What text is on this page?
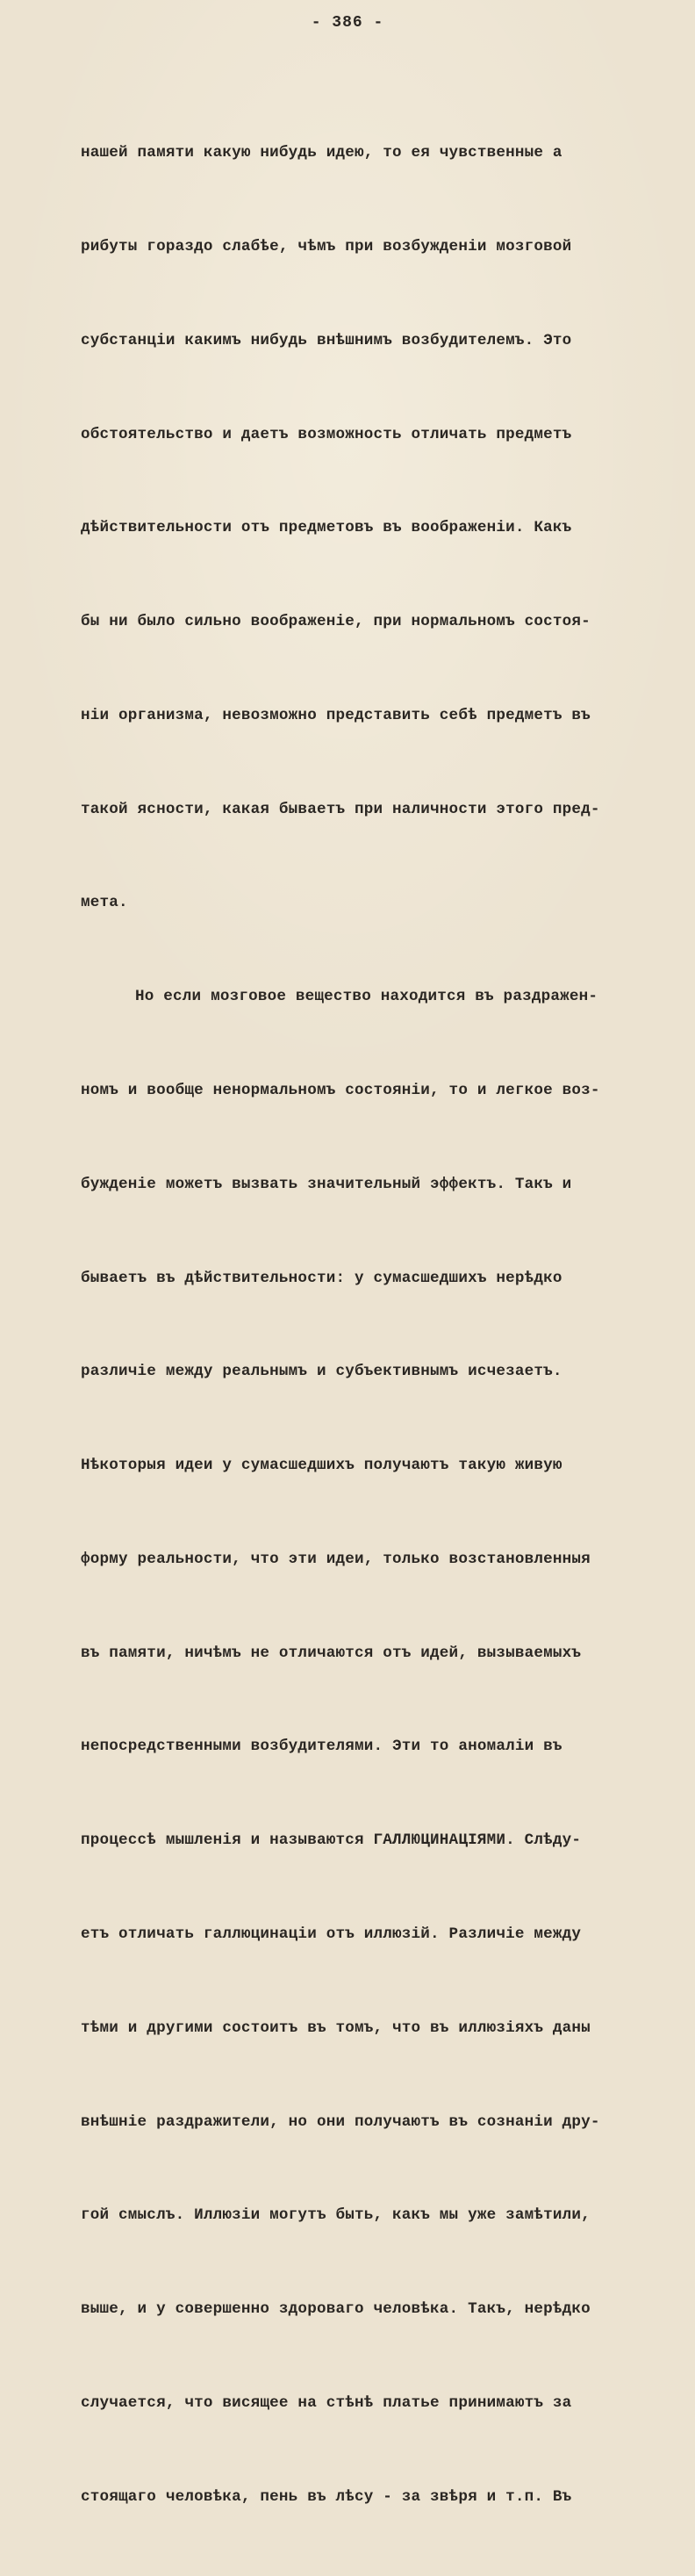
- 386 -

нашей памяти какую нибудь идею, то ея чувственные а

рибуты гораздо слабѣе, чѣмъ при возбужденіи мозговой

субстанціи какимъ нибудь внѣшнимъ возбудителемъ. Это

обстоятельство и даетъ возможность отличать предметъ

дѣйствительности отъ предметовъ въ воображеніи. Какъ

бы ни было сильно воображеніе, при нормальномъ состоя-

ніи организма, невозможно представить себѣ предметъ въ

такой ясности, какая бываетъ при наличности этого пред-

мета.

Но если мозговое вещество находится въ раздражен-

номъ и вообще ненормальномъ состояніи, то и легкое воз-

бужденіе можетъ вызвать значительный эффектъ. Такъ и

бываетъ въ дѣйствительности: у сумасшедшихъ нерѣдко

различіе между реальнымъ и субъективнымъ исчезаетъ.

Нѣкоторыя идеи у сумасшедшихъ получаютъ такую живую

форму реальности, что эти идеи, только возстановленныя

въ памяти, ничѣмъ не отличаются отъ идей, вызываемыхъ

непосредственными возбудителями. Эти то аномаліи въ

процессѣ мышленія и называются ГАЛЛЮЦИНАЦІЯМИ. Слѣду-

етъ отличать галлюцинаціи отъ иллюзій. Различіе между

тѣми и другими состоитъ въ томъ, что въ иллюзіяхъ даны

внѣшніе раздражители, но они получаютъ въ сознаніи дру-

гой смыслъ. Иллюзіи могутъ быть, какъ мы уже замѣтили,

выше, и у совершенно здороваго человѣка. Такъ, нерѣдко

случается, что висящее на стѣнѣ платье принимаютъ за

стоящаго человѣка, пень въ лѣсу - за звѣря и т.п. Въ
